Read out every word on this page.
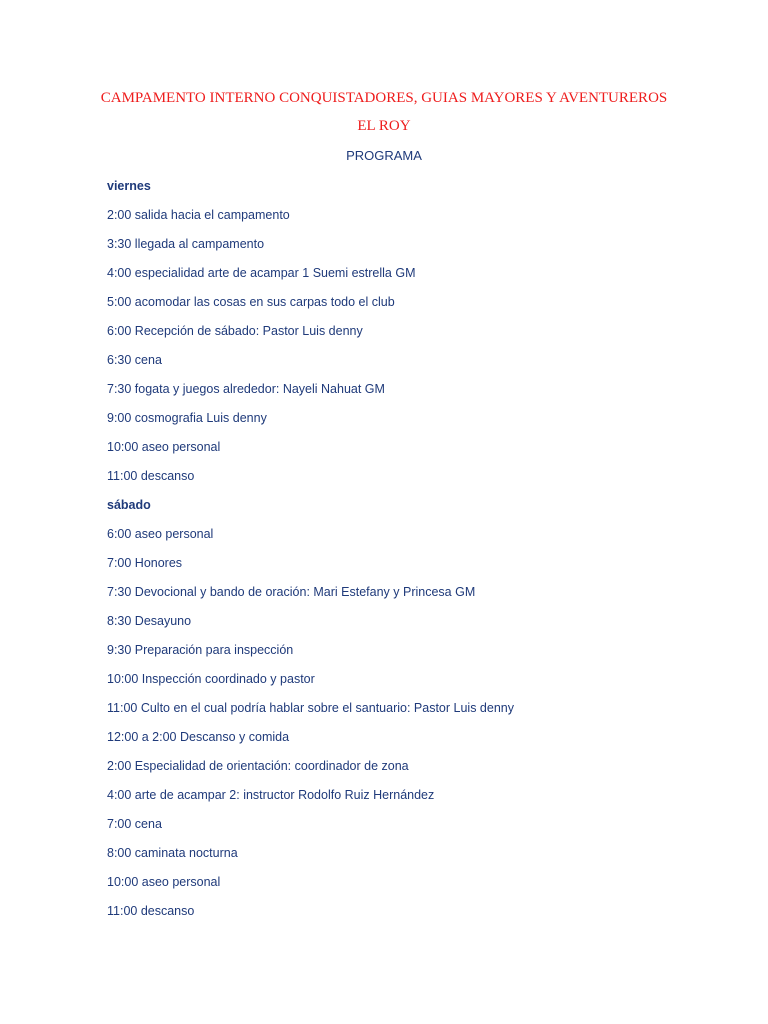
CAMPAMENTO INTERNO CONQUISTADORES, GUIAS MAYORES Y AVENTUREROS
EL ROY
PROGRAMA
viernes
2:00 salida hacia el campamento
3:30 llegada al campamento
4:00 especialidad arte de acampar 1 Suemi estrella GM
5:00 acomodar las cosas en sus carpas todo el club
6:00 Recepción de sábado: Pastor Luis denny
6:30 cena
7:30 fogata y juegos alrededor: Nayeli Nahuat GM
9:00 cosmografia Luis denny
10:00 aseo personal
11:00 descanso
sábado
6:00 aseo personal
7:00 Honores
7:30 Devocional y bando de oración: Mari Estefany y Princesa GM
8:30 Desayuno
9:30 Preparación para inspección
10:00 Inspección coordinado y pastor
11:00 Culto en el cual podría hablar sobre el santuario: Pastor Luis denny
12:00 a 2:00 Descanso y comida
2:00 Especialidad de orientación: coordinador de zona
4:00 arte de acampar 2: instructor Rodolfo Ruiz Hernández
7:00 cena
8:00 caminata nocturna
10:00 aseo personal
11:00 descanso
